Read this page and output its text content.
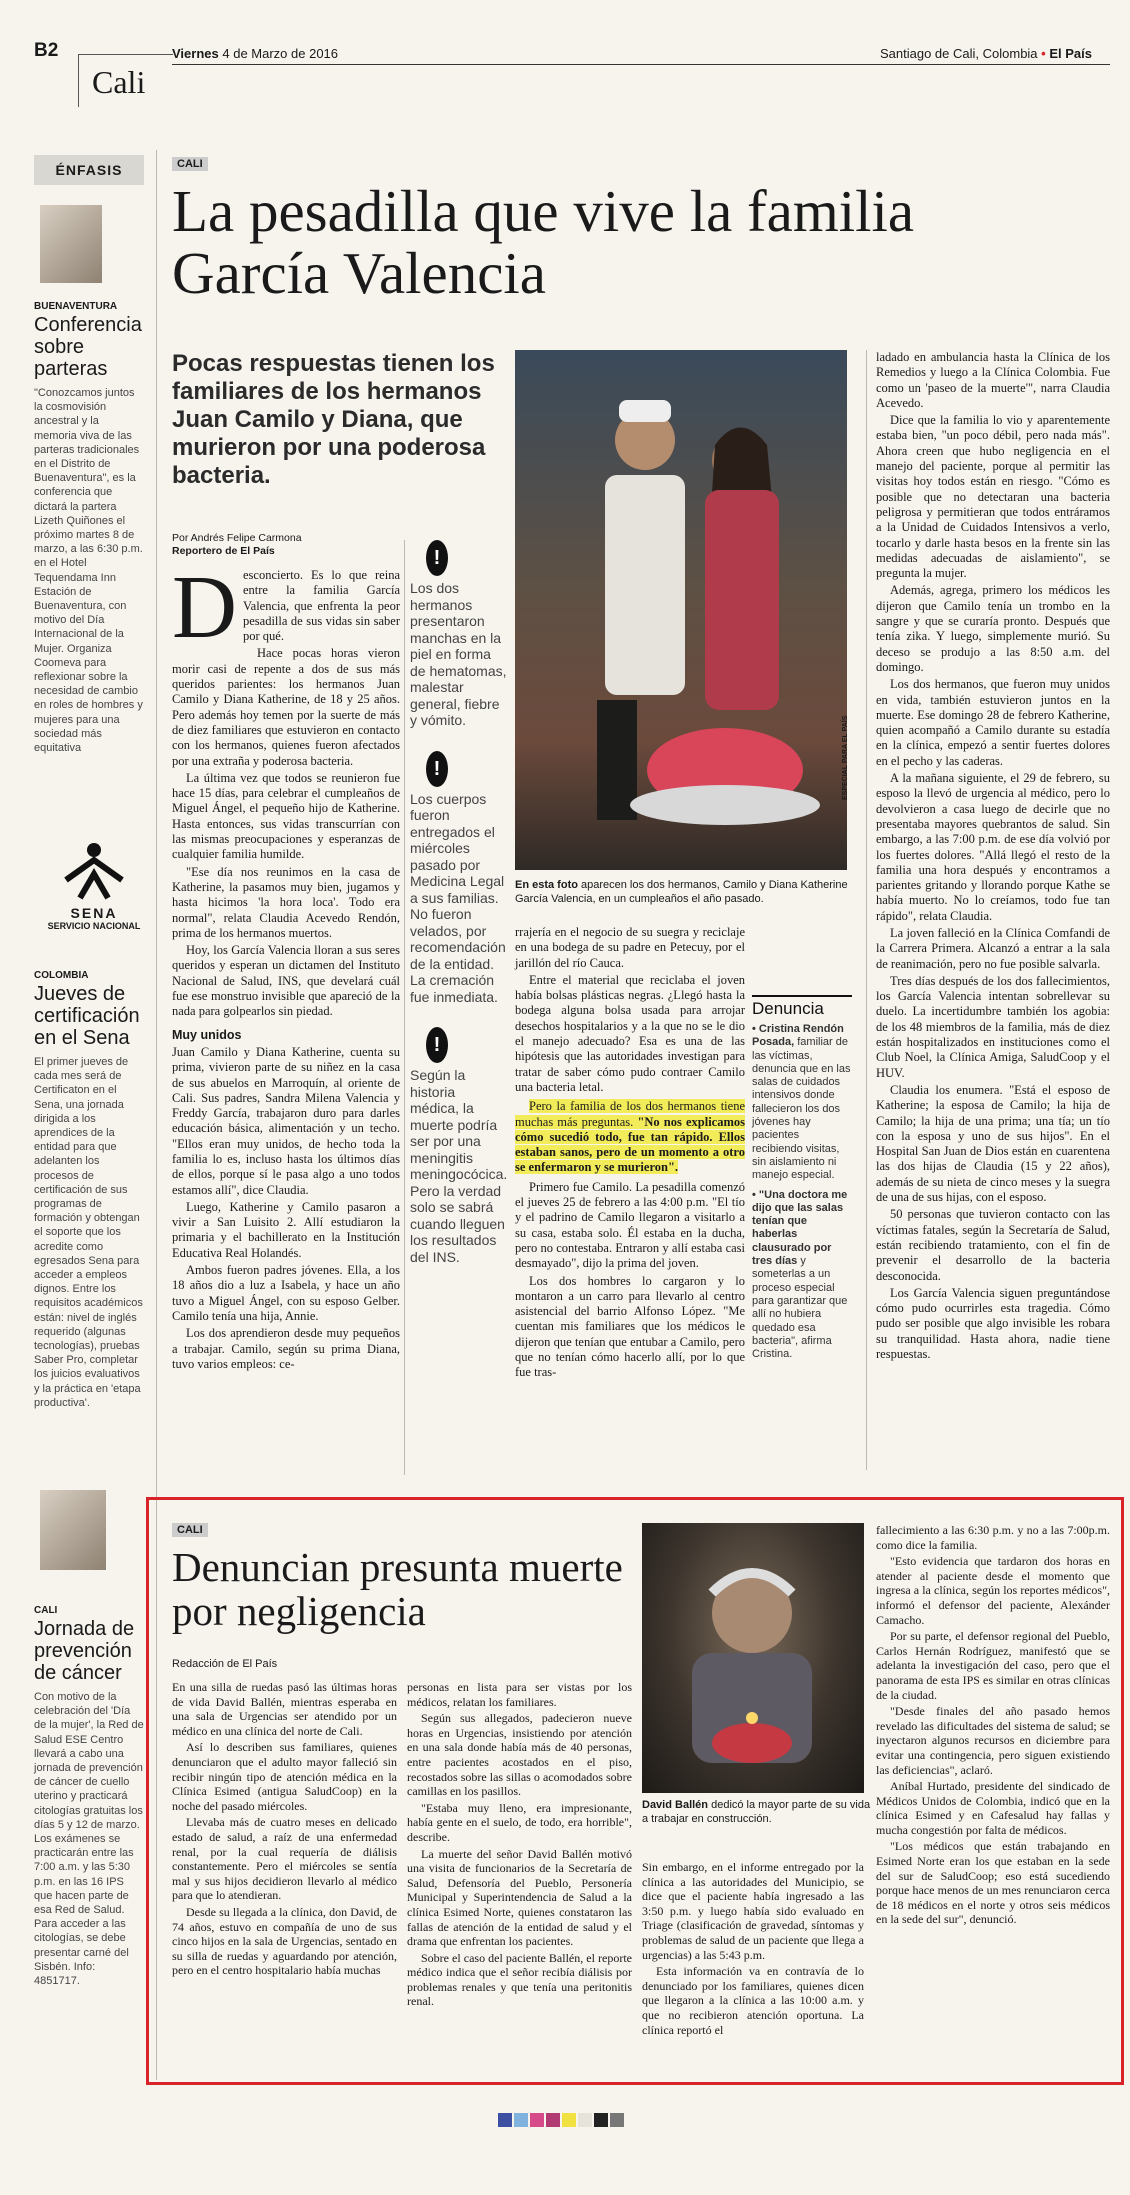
B2
Cali
Viernes 4 de Marzo de 2016	Santiago de Cali, Colombia • El País
ÉNFASIS
BUENAVENTURA
Conferencia sobre parteras
"Conozcamos juntos la cosmovisión ancestral y la memoria viva de las parteras tradicionales en el Distrito de Buenaventura", es la conferencia que dictará la partera Lizeth Quiñones el próximo martes 8 de marzo, a las 6:30 p.m. en el Hotel Tequendama Inn Estación de Buenaventura, con motivo del Día Internacional de la Mujer. Organiza Coomeva para reflexionar sobre la necesidad de cambio en roles de hombres y mujeres para una sociedad más equitativa
SENA
SERVICIO NACIONAL
COLOMBIA
Jueves de certificación en el Sena
El primer jueves de cada mes será de Certificaton en el Sena, una jornada dirigida a los aprendices de la entidad para que adelanten los procesos de certificación de sus programas de formación y obtengan el soporte que los acredite como egresados Sena para acceder a empleos dignos. Entre los requisitos académicos están: nivel de inglés requerido (algunas tecnologías), pruebas Saber Pro, completar los juicios evaluativos y la práctica en 'etapa productiva'.
CALI
Jornada de prevención de cáncer
Con motivo de la celebración del 'Día de la mujer', la Red de Salud ESE Centro llevará a cabo una jornada de prevención de cáncer de cuello uterino y practicará citologías gratuitas los días 5 y 12 de marzo. Los exámenes se practicarán entre las 7:00 a.m. y las 5:30 p.m. en las 16 IPS que hacen parte de esa Red de Salud. Para acceder a las citologías, se debe presentar carné del Sisbén. Info: 4851717.
CALI
La pesadilla que vive la familia García Valencia
Pocas respuestas tienen los familiares de los hermanos Juan Camilo y Diana, que murieron por una poderosa bacteria.
Por Andrés Felipe Carmona
Reportero de El País
D esconcierto. Es lo que reina entre la familia García Valencia, que enfrenta la peor pesadilla de sus vidas sin saber por qué.

Hace pocas horas vieron morir casi de repente a dos de sus más queridos parientes: los hermanos Juan Camilo y Diana Katherine, de 18 y 25 años. Pero además hoy temen por la suerte de más de diez familiares que estuvieron en contacto con los hermanos, quienes fueron afectados por una extraña y poderosa bacteria.

La última vez que todos se reunieron fue hace 15 días, para celebrar el cumpleaños de Miguel Ángel, el pequeño hijo de Katherine. Hasta entonces, sus vidas transcurrían con las mismas preocupaciones y esperanzas de cualquier familia humilde.

"Ese día nos reunimos en la casa de Katherine, la pasamos muy bien, jugamos y hasta hicimos 'la hora loca'. Todo era normal", relata Claudia Acevedo Rendón, prima de los hermanos muertos.

Hoy, los García Valencia lloran a sus seres queridos y esperan un dictamen del Instituto Nacional de Salud, INS, que develará cuál fue ese monstruo invisible que apareció de la nada para golpearlos sin piedad.

Muy unidos

Juan Camilo y Diana Katherine, cuenta su prima, vivieron parte de su niñez en la casa de sus abuelos en Marroquín, al oriente de Cali. Sus padres, Sandra Milena Valencia y Freddy García, trabajaron duro para darles educación básica, alimentación y un techo. "Ellos eran muy unidos, de hecho toda la familia lo es, incluso hasta los últimos días de ellos, porque sí le pasa algo a uno todos estamos allí", dice Claudia.

Luego, Katherine y Camilo pasaron a vivir a San Luisito 2. Allí estudiaron la primaria y el bachillerato en la Institución Educativa Real Holandés.

Ambos fueron padres jóvenes. Ella, a los 18 años dio a luz a Isabela, y hace un año tuvo a Miguel Ángel, con su esposo Gelber. Camilo tenía una hija, Annie.

Los dos aprendieron desde muy pequeños a trabajar. Camilo, según su prima Diana, tuvo varios empleos: ce-

!
Los dos hermanos presentaron manchas en la piel en forma de hematomas, malestar general, fiebre y vómito.
!
Los cuerpos fueron entregados el miércoles pasado por Medicina Legal a sus familias. No fueron velados, por recomendación de la entidad. La cremación fue inmediata.
!
Según la historia médica, la muerte podría ser por una meningitis meningocócica. Pero la verdad solo se sabrá cuando lleguen los resultados del INS.
ESPECIAL PARA EL PAÍS
En esta foto aparecen los dos hermanos, Camilo y Diana Katherine García Valencia, en un cumpleaños el año pasado.

rrajería en el negocio de su suegra y reciclaje en una bodega de su padre en Petecuy, por el jarillón del río Cauca.

Entre el material que reciclaba el joven había bolsas plásticas negras. ¿Llegó hasta la bodega alguna bolsa usada para arrojar desechos hospitalarios y a la que no se le dio el manejo adecuado? Esa es una de las hipótesis que las autoridades investigan para tratar de saber cómo pudo contraer Camilo una bacteria letal.

Pero la familia de los dos hermanos tiene muchas más preguntas. "No nos explicamos cómo sucedió todo, fue tan rápido. Ellos estaban sanos, pero de un momento a otro se enfermaron y se murieron".

Primero fue Camilo. La pesadilla comenzó el jueves 25 de febrero a las 4:00 p.m. "El tío y el padrino de Camilo llegaron a visitarlo a su casa, estaba solo. Él estaba en la ducha, pero no contestaba. Entraron y allí estaba casi desmayado", dijo la prima del joven.

Los dos hombres lo cargaron y lo montaron a un carro para llevarlo al centro asistencial del barrio Alfonso López. "Me cuentan mis familiares que los médicos le dijeron que tenían que entubar a Camilo, pero que no tenían cómo hacerlo allí, por lo que fue tras-

Denuncia
• Cristina Rendón Posada, familiar de las víctimas, denuncia que en las salas de cuidados intensivos donde fallecieron los dos jóvenes hay pacientes recibiendo visitas, sin aislamiento ni manejo especial.
• "Una doctora me dijo que las salas tenían que haberlas clausurado por tres días y someterlas a un proceso especial para garantizar que allí no hubiera quedado esa bacteria", afirma Cristina.

ladado en ambulancia hasta la Clínica de los Remedios y luego a la Clínica Colombia. Fue como un 'paseo de la muerte'", narra Claudia Acevedo.

Dice que la familia lo vio y aparentemente estaba bien, "un poco débil, pero nada más". Ahora creen que hubo negligencia en el manejo del paciente, porque al permitir las visitas hoy todos están en riesgo. "Cómo es posible que no detectaran una bacteria peligrosa y permitieran que todos entráramos a la Unidad de Cuidados Intensivos a verlo, tocarlo y darle hasta besos en la frente sin las medidas adecuadas de aislamiento", se pregunta la mujer.

Además, agrega, primero los médicos les dijeron que Camilo tenía un trombo en la sangre y que se curaría pronto. Después que tenía zika. Y luego, simplemente murió. Su deceso se produjo a las 8:50 a.m. del domingo.

Los dos hermanos, que fueron muy unidos en vida, también estuvieron juntos en la muerte. Ese domingo 28 de febrero Katherine, quien acompañó a Camilo durante su estadía en la clínica, empezó a sentir fuertes dolores en el pecho y las caderas.

A la mañana siguiente, el 29 de febrero, su esposo la llevó de urgencia al médico, pero lo devolvieron a casa luego de decirle que no presentaba mayores quebrantos de salud. Sin embargo, a las 7:00 p.m. de ese día volvió por los fuertes dolores. "Allá llegó el resto de la familia una hora después y encontramos a parientes gritando y llorando porque Kathe se había muerto. No lo creíamos, todo fue tan rápido", relata Claudia.

La joven falleció en la Clínica Comfandi de la Carrera Primera. Alcanzó a entrar a la sala de reanimación, pero no fue posible salvarla.

Tres días después de los dos fallecimientos, los García Valencia intentan sobrellevar su duelo. La incertidumbre también los agobia: de los 48 miembros de la familia, más de diez están hospitalizados en instituciones como el Club Noel, la Clínica Amiga, SaludCoop y el HUV.

Claudia los enumera. "Está el esposo de Katherine; la esposa de Camilo; la hija de Camilo; la hija de una prima; una tía; un tío con la esposa y uno de sus hijos". En el Hospital San Juan de Dios están en cuarentena las dos hijas de Claudia (15 y 22 años), además de su nieta de cinco meses y la suegra de una de sus hijas, con el esposo.

50 personas que tuvieron contacto con las víctimas fatales, según la Secretaría de Salud, están recibiendo tratamiento, con el fin de prevenir el desarrollo de la bacteria desconocida.

Los García Valencia siguen preguntándose cómo pudo ocurrirles esta tragedia. Cómo pudo ser posible que algo invisible les robara su tranquilidad. Hasta ahora, nadie tiene respuestas.

CALI
Denuncian presunta muerte por negligencia
Redacción de El País

En una silla de ruedas pasó las últimas horas de vida David Ballén, mientras esperaba en una sala de Urgencias ser atendido por un médico en una clínica del norte de Cali.

Así lo describen sus familiares, quienes denunciaron que el adulto mayor falleció sin recibir ningún tipo de atención médica en la Clínica Esimed (antigua SaludCoop) en la noche del pasado miércoles.

Llevaba más de cuatro meses en delicado estado de salud, a raíz de una enfermedad renal, por la cual requería de diálisis constantemente. Pero el miércoles se sentía mal y sus hijos decidieron llevarlo al médico para que lo atendieran.

Desde su llegada a la clínica, don David, de 74 años, estuvo en compañía de uno de sus cinco hijos en la sala de Urgencias, sentado en su silla de ruedas y aguardando por atención, pero en el centro hospitalario había muchas

personas en lista para ser vistas por los médicos, relatan los familiares.

Según sus allegados, padecieron nueve horas en Urgencias, insistiendo por atención en una sala donde había más de 40 personas, entre pacientes acostados en el piso, recostados sobre las sillas o acomodados sobre camillas en los pasillos.

"Estaba muy lleno, era impresionante, había gente en el suelo, de todo, era horrible", describe.

La muerte del señor David Ballén motivó una visita de funcionarios de la Secretaría de Salud, Defensoría del Pueblo, Personería Municipal y Superintendencia de Salud a la clínica Esimed Norte, quienes constataron las fallas de atención de la entidad de salud y el drama que enfrentan los pacientes.

Sobre el caso del paciente Ballén, el reporte médico indica que el señor recibía diálisis por problemas renales y que tenía una peritonitis renal.

David Ballén dedicó la mayor parte de su vida a trabajar en construcción.

Sin embargo, en el informe entregado por la clínica a las autoridades del Municipio, se dice que el paciente había ingresado a las 3:50 p.m. y luego había sido evaluado en Triage (clasificación de gravedad, síntomas y problemas de salud de un paciente que llega a urgencias) a las 5:43 p.m.

Esta información va en contravía de lo denunciado por los familiares, quienes dicen que llegaron a la clínica a las 10:00 a.m. y que no recibieron atención oportuna. La clínica reportó el

fallecimiento a las 6:30 p.m. y no a las 7:00p.m. como dice la familia.

"Esto evidencia que tardaron dos horas en atender al paciente desde el momento que ingresa a la clínica, según los reportes médicos", informó el defensor del paciente, Alexánder Camacho.

Por su parte, el defensor regional del Pueblo, Carlos Hernán Rodríguez, manifestó que se adelanta la investigación del caso, pero que el panorama de esta IPS es similar en otras clínicas de la ciudad.

"Desde finales del año pasado hemos revelado las dificultades del sistema de salud; se inyectaron algunos recursos en diciembre para evitar una contingencia, pero siguen existiendo las deficiencias", aclaró.

Aníbal Hurtado, presidente del sindicado de Médicos Unidos de Colombia, indicó que en la clínica Esimed y en Cafesalud hay fallas y mucha congestión por falta de médicos.

"Los médicos que están trabajando en Esimed Norte eran los que estaban en la sede del sur de SaludCoop; eso está sucediendo porque hace menos de un mes renunciaron cerca de 18 médicos en el norte y otros seis médicos en la sede del sur", denunció.
